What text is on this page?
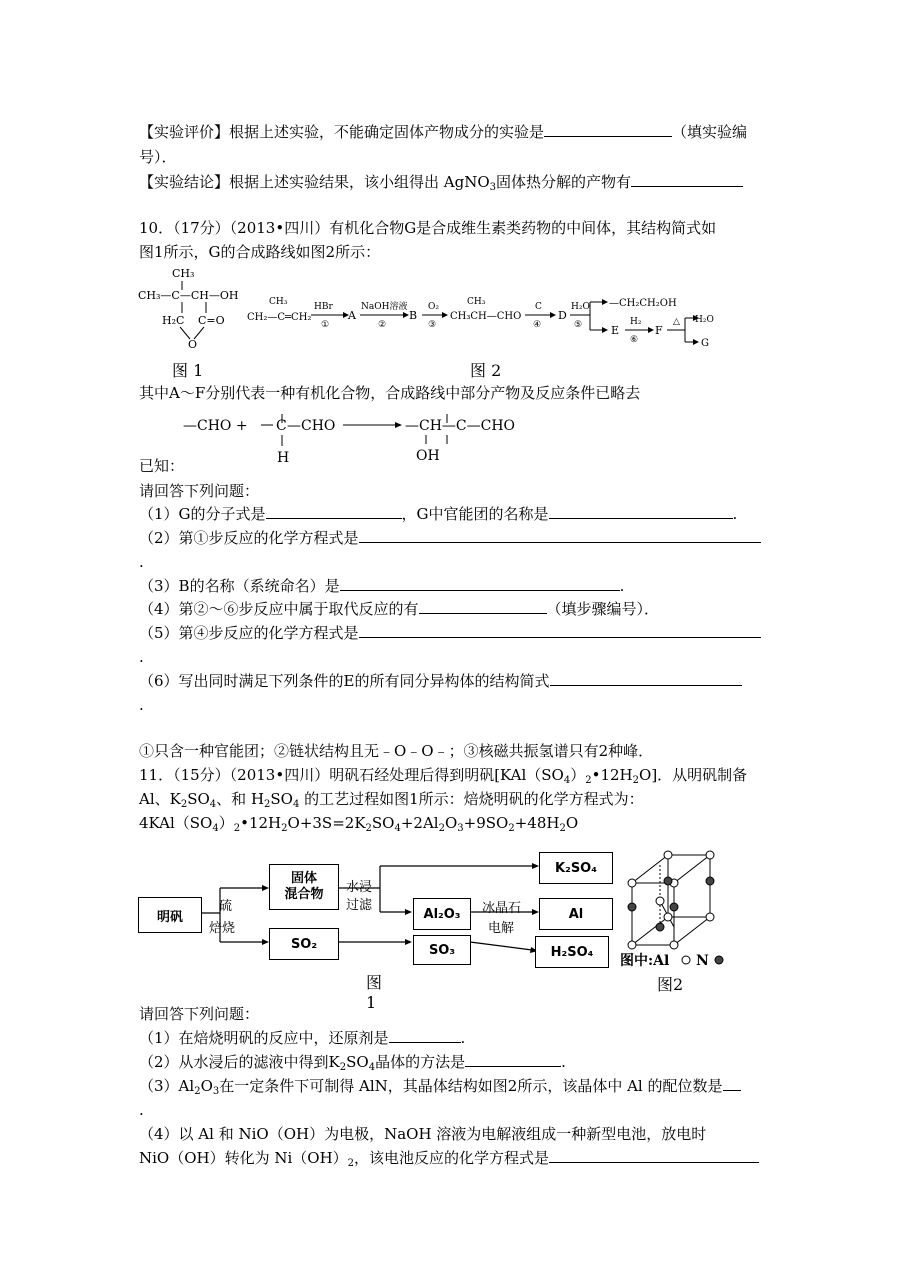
【实验评价】根据上述实验，不能确定固体产物成分的实验是	（填实验编
号）．
【实验结论】根据上述实验结果，该小组得出 AgNO$_3$固体热分解的产物有
10．（17分）（2013•四川）有机化合物G是合成维生素类药物的中间体，其结构简式如
图1所示，G的合成路线如图2所示：
CH₃
CH₃—C—CH—OH
H₂C C=O
O
CH₃
CH₂—C═CH₂
HBr
①
A
NaOH溶液
②
B
O₂
③
CH₃
CH₃CH—CHO
C
④
D
H₂O
⑤
—CH₂CH₂OH
E
H₂
⑥
F
△ H₂O
G
图 1	图 2
其中A～F分别代表一种有机化合物，合成路线中部分产物及反应条件已略去
—CHO + C —CHO
H
—CH—C—CHO
OH
已知：
请回答下列问题：
（1）G的分子式是	，G中官能团的名称是	.
（2）第①步反应的化学方程式是
.
（3）B的名称（系统命名）是	.
（4）第②～⑥步反应中属于取代反应的有	（填步骤编号）．
（5）第④步反应的化学方程式是
.
（6）写出同时满足下列条件的E的所有同分异构体的结构简式
.
①只含一种官能团；②链状结构且无﹣O﹣O﹣；③核磁共振氢谱只有2种峰．
11．（15分）（2013•四川）明矾石经处理后得到明矾$[KAl(SO_4)_2•12H_2O]$．从明矾制备
Al、$K_2SO_4$、和 $H_2SO_4$ 的工艺过程如图1所示：焙烧明矾的化学方程式为：
$4KAl(SO_4)_2•12H_2O+3S=2K_2SO_4+2Al_2O_3+9SO_2+48H_2O$
明矾
硫
焙烧
固体
混合物
SO₂
水浸
过滤
Al₂O₃
SO₃
冰晶石
电解
K₂SO₄
Al
H₂SO₄
图1
图中:Al N
图2
请回答下列问题：
（1）在焙烧明矾的反应中，还原剂是	.
（2）从水浸后的滤液中得到$K_2SO_4$晶体的方法是	.
$(3)Al_2O_3$在一定条件下可制得 AlN，其晶体结构如图2所示，该晶体中 Al 的配位数是
.
（4）以 Al 和 NiO（OH）为电极，NaOH 溶液为电解液组成一种新型电池，放电时
NiO（OH）转化为 $Ni(OH)_2$，该电池反应的化学方程式是
